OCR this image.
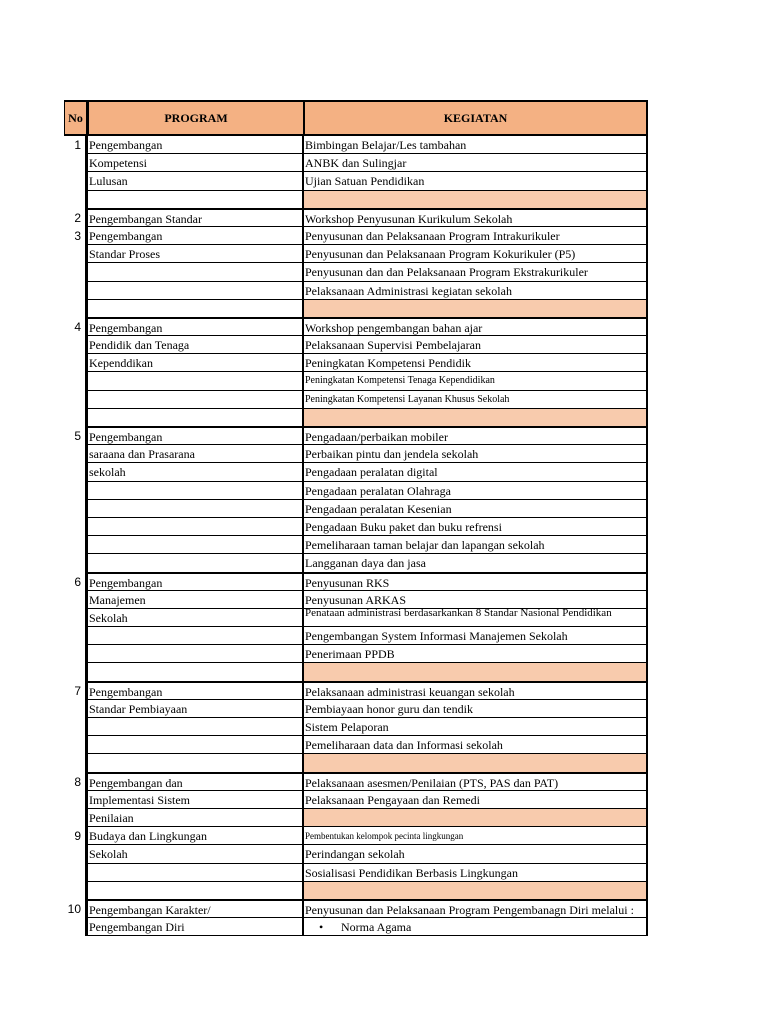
No	PROGRAM	KEGIATAN
1 Pengembangan	Bimbingan Belajar/Les tambahan
Kompetensi	ANBK dan Sulingjar
Lulusan	Ujian Satuan Pendidikan
2 Pengembangan Standar	Workshop Penyusunan Kurikulum Sekolah
3 Pengembangan	Penyusunan dan Pelaksanaan Program Intrakurikuler
Standar Proses	Penyusunan dan Pelaksanaan Program Kokurikuler (P5)
Penyusunan dan dan Pelaksanaan Program Ekstrakurikuler
Pelaksanaan Administrasi kegiatan sekolah
4 Pengembangan	Workshop pengembangan bahan ajar
Pendidik dan Tenaga	Pelaksanaan Supervisi Pembelajaran
Kependdikan	Peningkatan Kompetensi Pendidik
Peningkatan Kompetensi Tenaga Kependidikan
Peningkatan Kompetensi Layanan Khusus Sekolah
5 Pengembangan	Pengadaan/perbaikan mobiler
saraana dan Prasarana	Perbaikan pintu dan jendela sekolah
sekolah	Pengadaan peralatan digital
Pengadaan peralatan Olahraga
Pengadaan peralatan Kesenian
Pengadaan Buku paket dan buku refrensi
Pemeliharaan taman belajar dan lapangan sekolah
Langganan daya dan jasa
6 Pengembangan	Penyusunan RKS
Manajemen	Penyusunan ARKAS
Sekolah	Penataan administrasi berdasarkankan 8 Standar Nasional Pendidikan
Pengembangan System Informasi Manajemen Sekolah
Penerimaan PPDB
7 Pengembangan	Pelaksanaan administrasi keuangan sekolah
Standar Pembiayaan	Pembiayaan honor guru dan tendik
Sistem Pelaporan
Pemeliharaan data dan Informasi sekolah
8 Pengembangan dan	Pelaksanaan asesmen/Penilaian (PTS, PAS dan PAT)
Implementasi Sistem	Pelaksanaan Pengayaan dan Remedi
Penilaian
9 Budaya dan Lingkungan	Pembentukan kelompok pecinta lingkungan
Sekolah	Perindangan sekolah
Sosialisasi Pendidikan Berbasis Lingkungan
10 Pengembangan Karakter/	Penyusunan dan Pelaksanaan Program Pengembanagn Diri melalui :
Pengembangan Diri
•	Norma Agama
